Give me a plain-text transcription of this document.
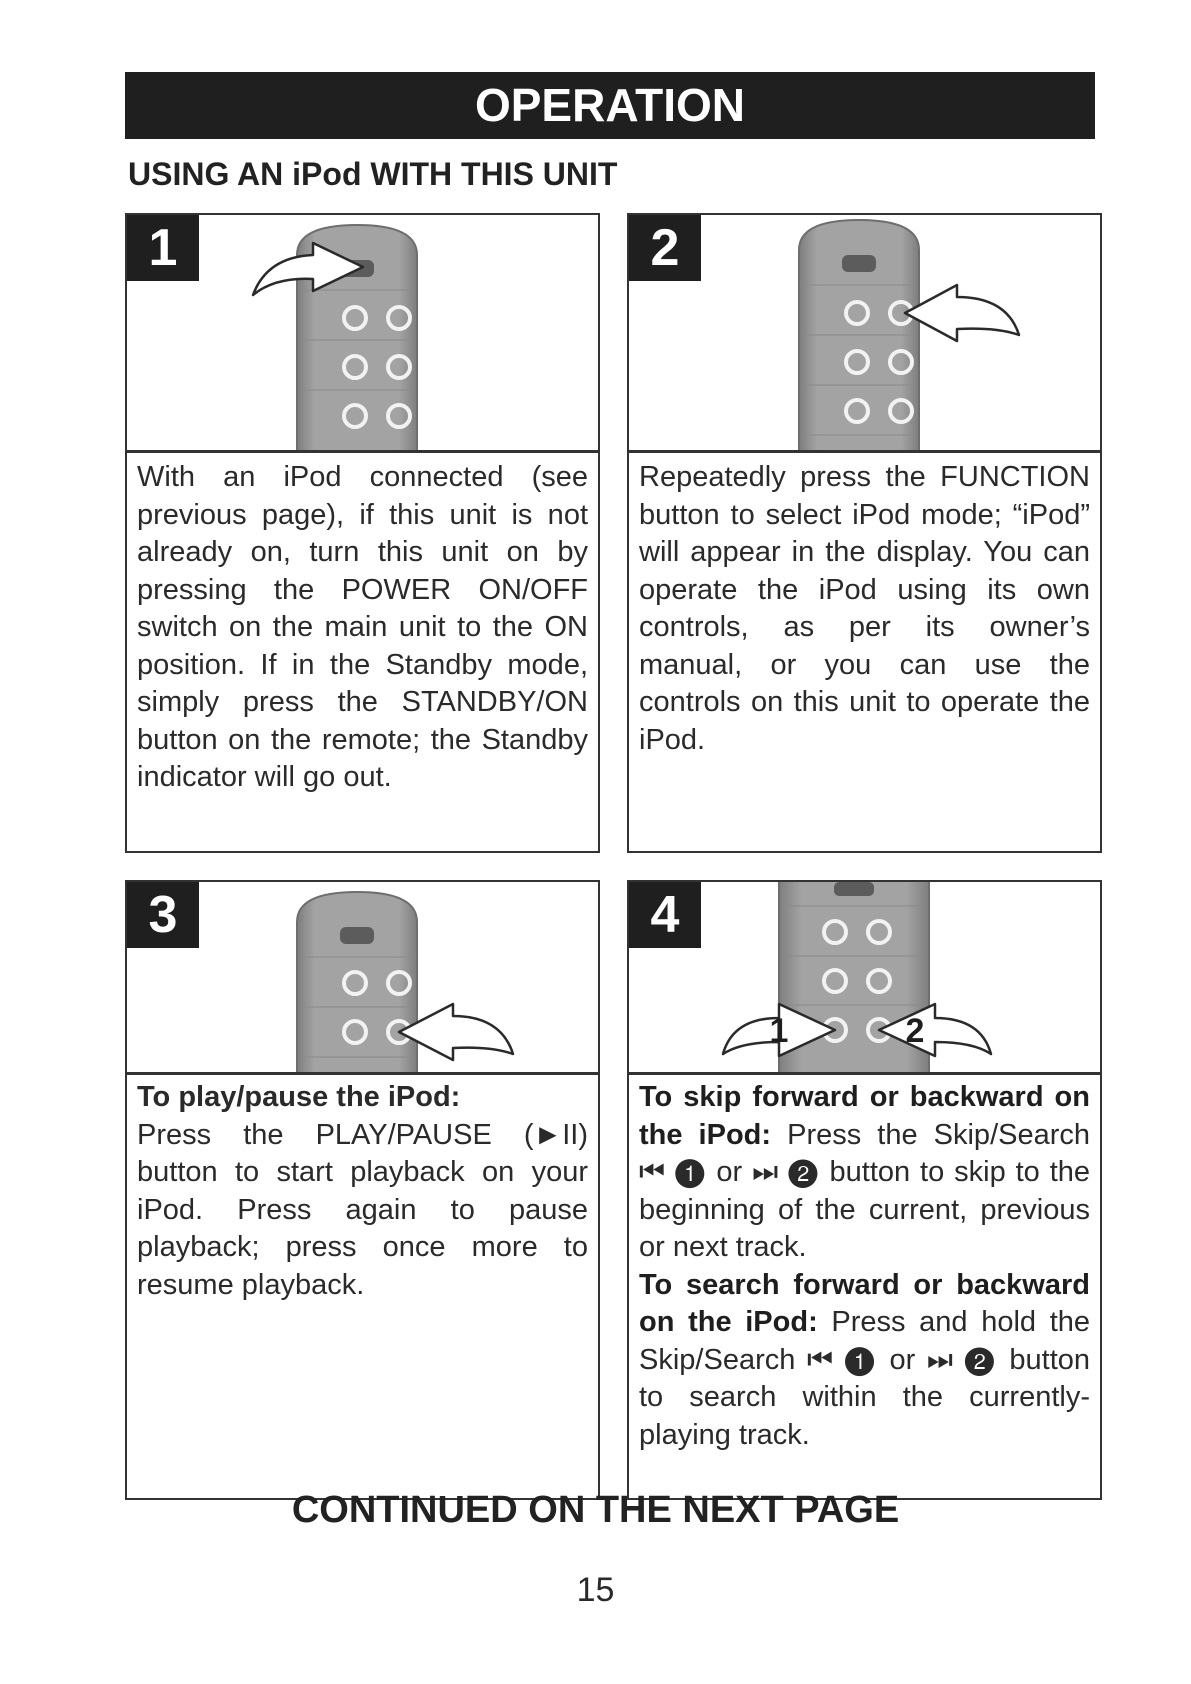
OPERATION
USING AN iPod WITH THIS UNIT
1
With an iPod connected (see previous page), if this unit is not already on, turn this unit on by pressing the POWER ON/OFF switch on the main unit to the ON position. If in the Standby mode, simply press the STANDBY/ON button on the remote; the Standby indicator will go out.
2
Repeatedly press the FUNCTION button to select iPod mode; “iPod” will appear in the display. You can operate the iPod using its own controls, as per its owner’s manual, or you can use the controls on this unit to operate the iPod.
3
To play/pause the iPod:

Press the PLAY/PAUSE (►II) button to start playback on your iPod. Press again to pause playback; press once more to resume playback.

4
1	2

To skip forward or backward on the iPod: Press the Skip/Search ⏮ ❶ or ⏭ ❷ button to skip to the beginning of the current, previous or next track.

To search forward or backward on the iPod: Press and hold the Skip/Search ⏮ ❶ or ⏭ ❷ button to search within the currently-playing track.

CONTINUED ON THE NEXT PAGE
15
